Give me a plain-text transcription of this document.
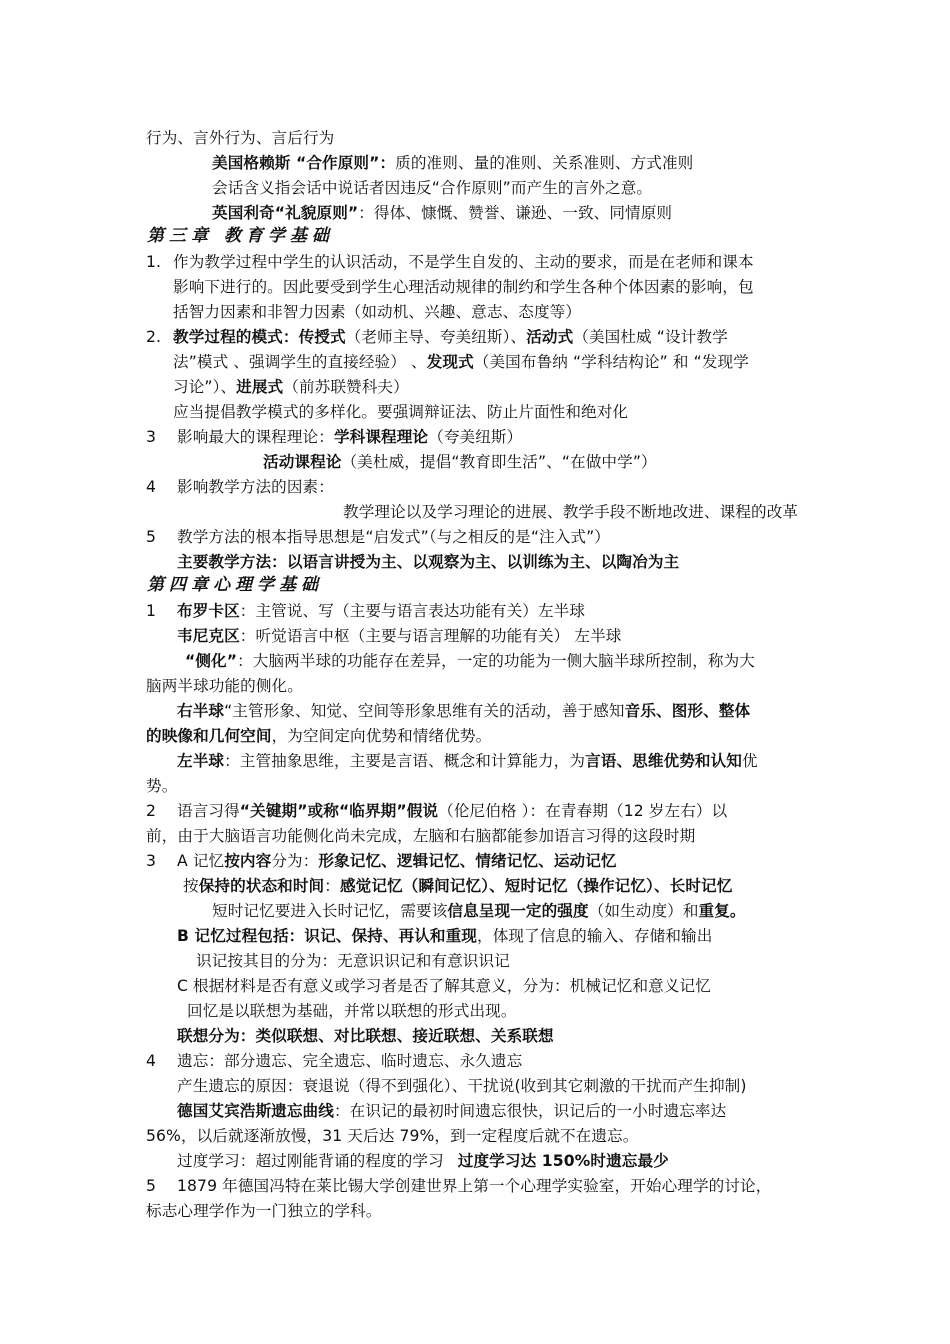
行为、言外行为、言后行为
美国格赖斯 “合作原则”：质的准则、量的准则、关系准则、方式准则
会话含义指会话中说话者因违反“合作原则”而产生的言外之意。
英国利奇“礼貌原则”：得体、慷慨、赞誉、谦逊、一致、同情原则
第三章 教育学基础
1. 作为教学过程中学生的认识活动，不是学生自发的、主动的要求，而是在老师和课本
影响下进行的。因此要受到学生心理活动规律的制约和学生各种个体因素的影响，包
括智力因素和非智力因素（如动机、兴趣、意志、态度等）
2. 教学过程的模式：传授式（老师主导、夸美纽斯）、活动式（美国杜威 “设计教学
法”模式 、强调学生的直接经验） 、发现式（美国布鲁纳 “学科结构论” 和 “发现学
习论”）、进展式（前苏联赞科夫）
应当提倡教学模式的多样化。要强调辩证法、防止片面性和绝对化
3 影响最大的课程理论：学科课程理论（夸美纽斯）
活动课程论（美杜威，提倡“教育即生活”、“在做中学”）
4 影响教学方法的因素：
教学理论以及学习理论的进展、教学手段不断地改进、课程的改革
5 教学方法的根本指导思想是“启发式”（与之相反的是“注入式”）
主要教学方法：以语言讲授为主、以观察为主、以训练为主、以陶冶为主
第四章心理学基础
1 布罗卡区：主管说、写（主要与语言表达功能有关）左半球
韦尼克区：听觉语言中枢（主要与语言理解的功能有关） 左半球
“侧化”：大脑两半球的功能存在差异，一定的功能为一侧大脑半球所控制，称为大
脑两半球功能的侧化。
右半球“主管形象、知觉、空间等形象思维有关的活动，善于感知音乐、图形、整体
的映像和几何空间，为空间定向优势和情绪优势。
左半球：主管抽象思维，主要是言语、概念和计算能力，为言语、思维优势和认知优
势。
2 语言习得“关键期”或称“临界期”假说（伦尼伯格 ）：在青春期（12 岁左右）以
前，由于大脑语言功能侧化尚未完成，左脑和右脑都能参加语言习得的这段时期
3 A 记忆按内容分为：形象记忆、逻辑记忆、情绪记忆、运动记忆
按保持的状态和时间：感觉记忆（瞬间记忆）、短时记忆（操作记忆）、长时记忆
短时记忆要进入长时记忆，需要该信息呈现一定的强度（如生动度）和重复。
B 记忆过程包括：识记、保持、再认和重现，体现了信息的输入、存储和输出
识记按其目的分为：无意识识记和有意识识记
C 根据材料是否有意义或学习者是否了解其意义，分为：机械记忆和意义记忆
回忆是以联想为基础，并常以联想的形式出现。
联想分为：类似联想、对比联想、接近联想、关系联想
4 遗忘：部分遗忘、完全遗忘、临时遗忘、永久遗忘
产生遗忘的原因：衰退说（得不到强化）、干扰说(收到其它刺激的干扰而产生抑制)
德国艾宾浩斯遗忘曲线：在识记的最初时间遗忘很快，识记后的一小时遗忘率达
56%，以后就逐渐放慢，31 天后达 79%，到一定程度后就不在遗忘。
过度学习：超过刚能背诵的程度的学习 过度学习达 150%时遗忘最少
5 1879 年德国冯特在莱比锡大学创建世界上第一个心理学实验室，开始心理学的讨论，
标志心理学作为一门独立的学科。
